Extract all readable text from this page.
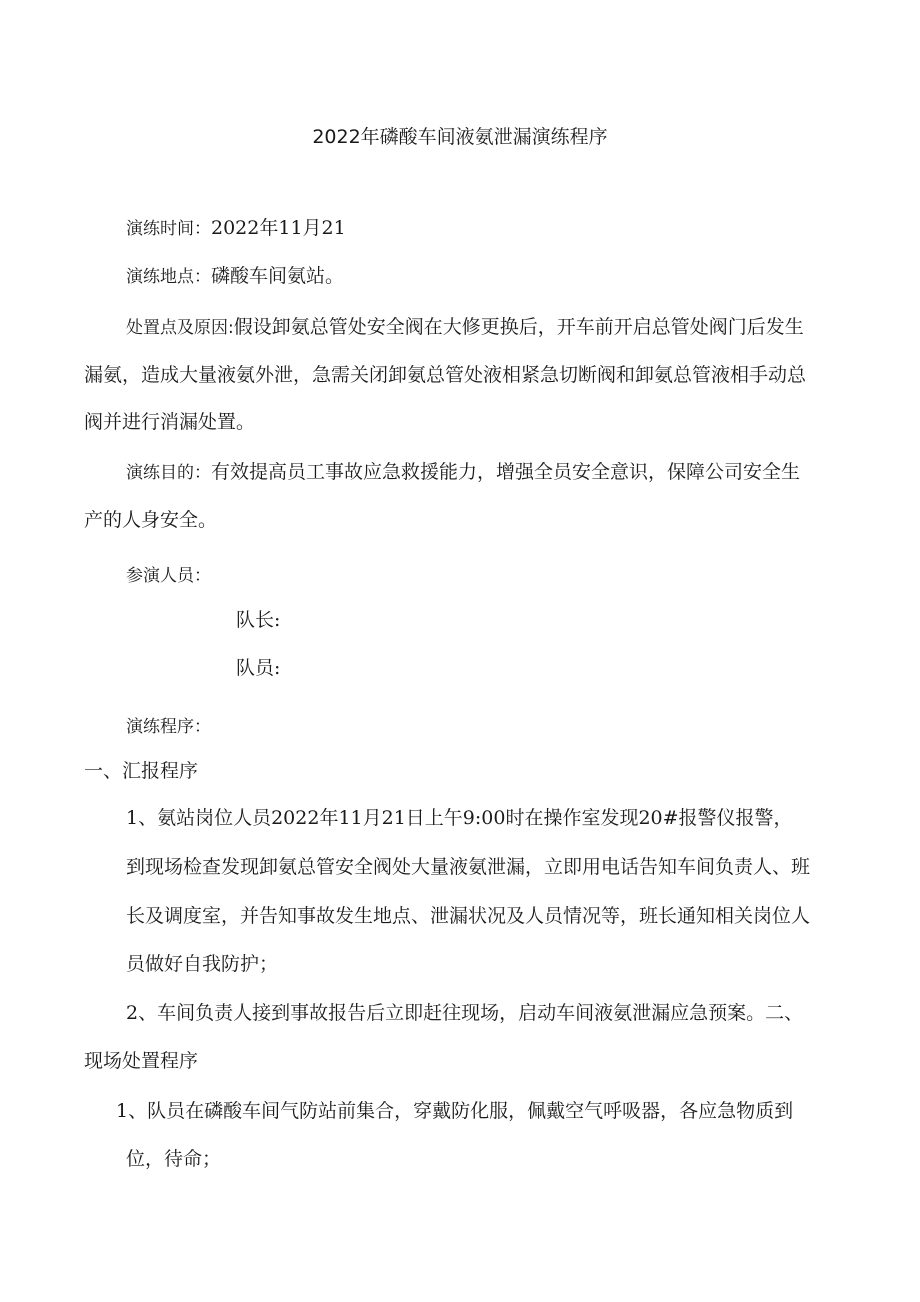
2022年磷酸车间液氨泄漏演练程序
演练时间：2022年11月21
演练地点：磷酸车间氨站。
处置点及原因:假设卸氨总管处安全阀在大修更换后，开车前开启总管处阀门后发生
漏氨，造成大量液氨外泄，急需关闭卸氨总管处液相紧急切断阀和卸氨总管液相手动总
阀并进行消漏处置。
演练目的：有效提高员工事故应急救援能力，增强全员安全意识，保障公司安全生
产的人身安全。
参演人员：
队长:
队员:
演练程序：
一、汇报程序
1、氨站岗位人员2022年11月21日上午9:00时在操作室发现20#报警仪报警，
到现场检查发现卸氨总管安全阀处大量液氨泄漏，立即用电话告知车间负责人、班
长及调度室，并告知事故发生地点、泄漏状况及人员情况等，班长通知相关岗位人
员做好自我防护；
2、车间负责人接到事故报告后立即赶往现场，启动车间液氨泄漏应急预案。二、
现场处置程序
1、队员在磷酸车间气防站前集合，穿戴防化服，佩戴空气呼吸器，各应急物质到
位，待命；
